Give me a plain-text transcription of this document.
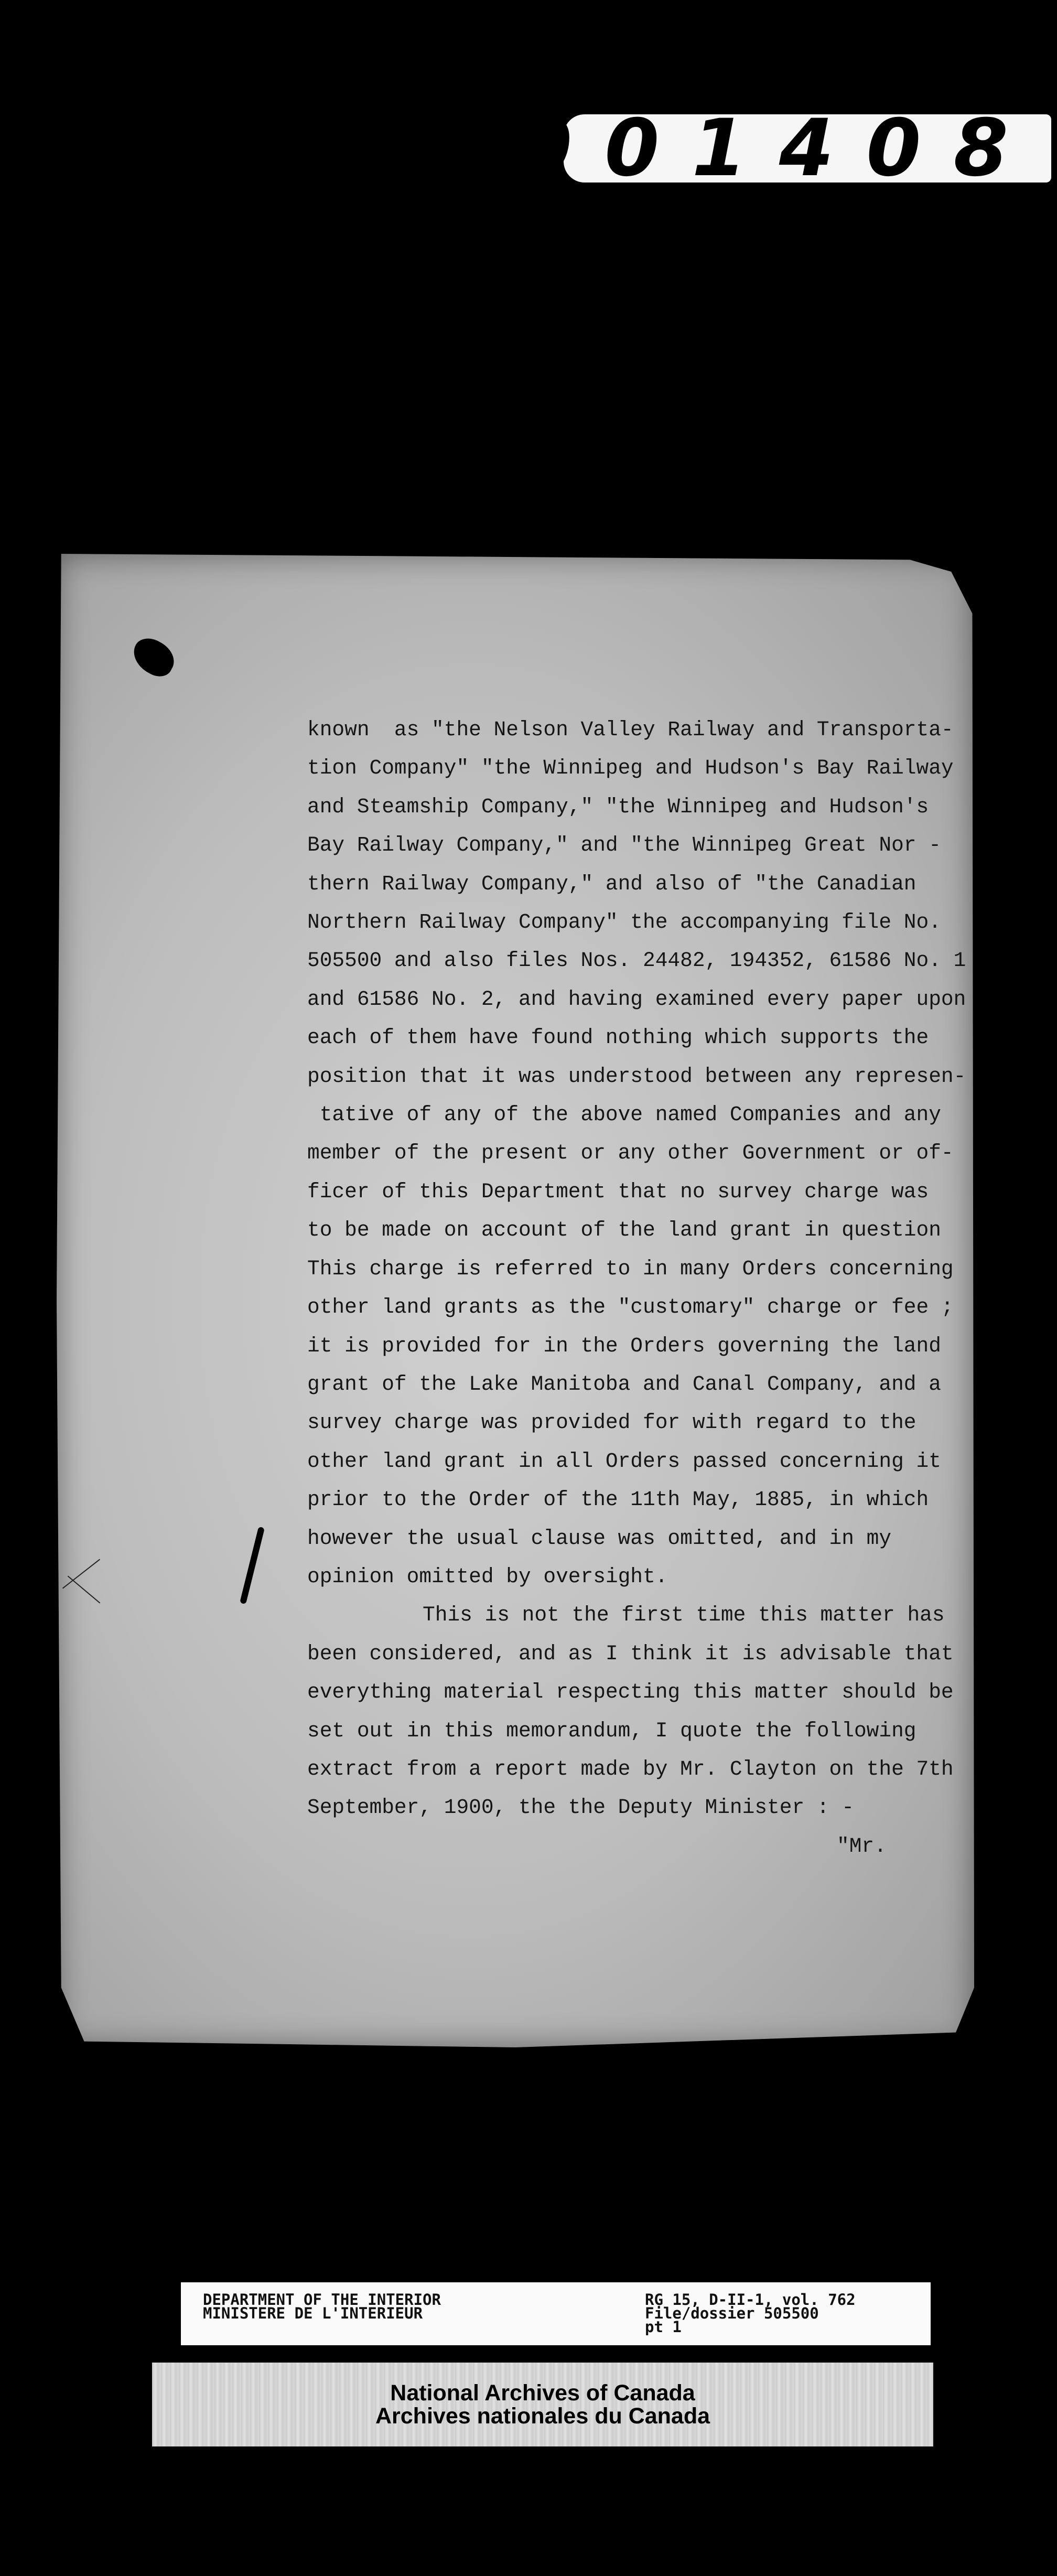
001408
known  as "the Nelson Valley Railway and Transporta-
tion Company" "the Winnipeg and Hudson's Bay Railway
and Steamship Company," "the Winnipeg and Hudson's
Bay Railway Company," and "the Winnipeg Great Nor -
thern Railway Company," and also of "the Canadian
Northern Railway Company" the accompanying file No.
505500 and also files Nos. 24482, 194352, 61586 No. 1
and 61586 No. 2, and having examined every paper upon
each of them have found nothing which supports the
position that it was understood between any represen-
tative of any of the above named Companies and any
member of the present or any other Government or of-
ficer of this Department that no survey charge was
to be made on account of the land grant in question
This charge is referred to in many Orders concerning
other land grants as the "customary" charge or fee ;
it is provided for in the Orders governing the land
grant of the Lake Manitoba and Canal Company, and a
survey charge was provided for with regard to the
other land grant in all Orders passed concerning it
prior to the Order of the 11th May, 1885, in which
however the usual clause was omitted, and in my
opinion omitted by oversight.
This is not the first time this matter has
been considered, and as I think it is advisable that
everything material respecting this matter should be
set out in this memorandum, I quote the following
extract from a report made by Mr. Clayton on the 7th
September, 1900, the the Deputy Minister : -
"Mr.
DEPARTMENT OF THE INTERIOR
MINISTERE DE L'INTERIEUR
RG 15, D-II-1, vol. 762
File/dossier 505500
pt 1
National Archives of Canada
Archives nationales du Canada
